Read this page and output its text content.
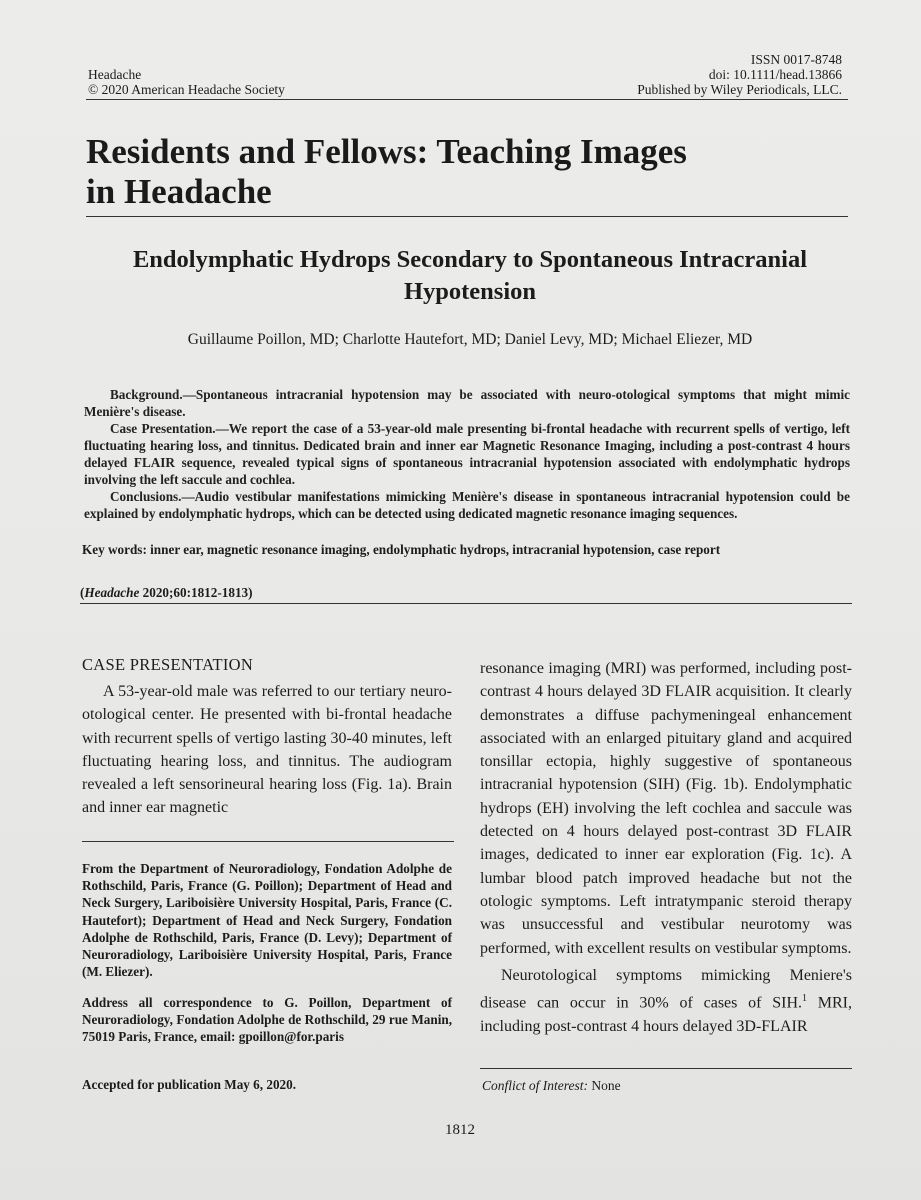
Headache
© 2020 American Headache Society
ISSN 0017-8748
doi: 10.1111/head.13866
Published by Wiley Periodicals, LLC.
Residents and Fellows: Teaching Images
in Headache
Endolymphatic Hydrops Secondary to Spontaneous Intracranial
Hypotension
Guillaume Poillon, MD; Charlotte Hautefort, MD; Daniel Levy, MD; Michael Eliezer, MD

Background.—Spontaneous intracranial hypotension may be associated with neuro-otological symptoms that might mimic Menière's disease.

Case Presentation.—We report the case of a 53-year-old male presenting bi-frontal headache with recurrent spells of vertigo, left fluctuating hearing loss, and tinnitus. Dedicated brain and inner ear Magnetic Resonance Imaging, including a post-contrast 4 hours delayed FLAIR sequence, revealed typical signs of spontaneous intracranial hypotension associated with endolymphatic hydrops involving the left saccule and cochlea.

Conclusions.—Audio vestibular manifestations mimicking Menière's disease in spontaneous intracranial hypotension could be explained by endolymphatic hydrops, which can be detected using dedicated magnetic resonance imaging sequences.

Key words: inner ear, magnetic resonance imaging, endolymphatic hydrops, intracranial hypotension, case report
(Headache 2020;60:1812-1813)
CASE PRESENTATION

A 53-year-old male was referred to our tertiary neuro-otological center. He presented with bi-frontal headache with recurrent spells of vertigo lasting 30-40 minutes, left fluctuating hearing loss, and tinnitus. The audiogram revealed a left sensorineural hearing loss (Fig. 1a). Brain and inner ear magnetic

From the Department of Neuroradiology, Fondation Adolphe de Rothschild, Paris, France (G. Poillon); Department of Head and Neck Surgery, Lariboisière University Hospital, Paris, France (C. Hautefort); Department of Head and Neck Surgery, Fondation Adolphe de Rothschild, Paris, France (D. Levy); Department of Neuroradiology, Lariboisière University Hospital, Paris, France (M. Eliezer).

Address all correspondence to G. Poillon, Department of Neuroradiology, Fondation Adolphe de Rothschild, 29 rue Manin, 75019 Paris, France, email: gpoillon@for.paris

Accepted for publication May 6, 2020.

resonance imaging (MRI) was performed, including post-contrast 4 hours delayed 3D FLAIR acquisition. It clearly demonstrates a diffuse pachymeningeal enhancement associated with an enlarged pituitary gland and acquired tonsillar ectopia, highly suggestive of spontaneous intracranial hypotension (SIH) (Fig. 1b). Endolymphatic hydrops (EH) involving the left cochlea and saccule was detected on 4 hours delayed post-contrast 3D FLAIR images, dedicated to inner ear exploration (Fig. 1c). A lumbar blood patch improved headache but not the otologic symptoms. Left intratympanic steroid therapy was unsuccessful and vestibular neurotomy was performed, with excellent results on vestibular symptoms.

Neurotological symptoms mimicking Meniere's disease can occur in 30% of cases of SIH.$^1$ MRI, including post-contrast 4 hours delayed 3D-FLAIR

Conflict of Interest: None
1812
